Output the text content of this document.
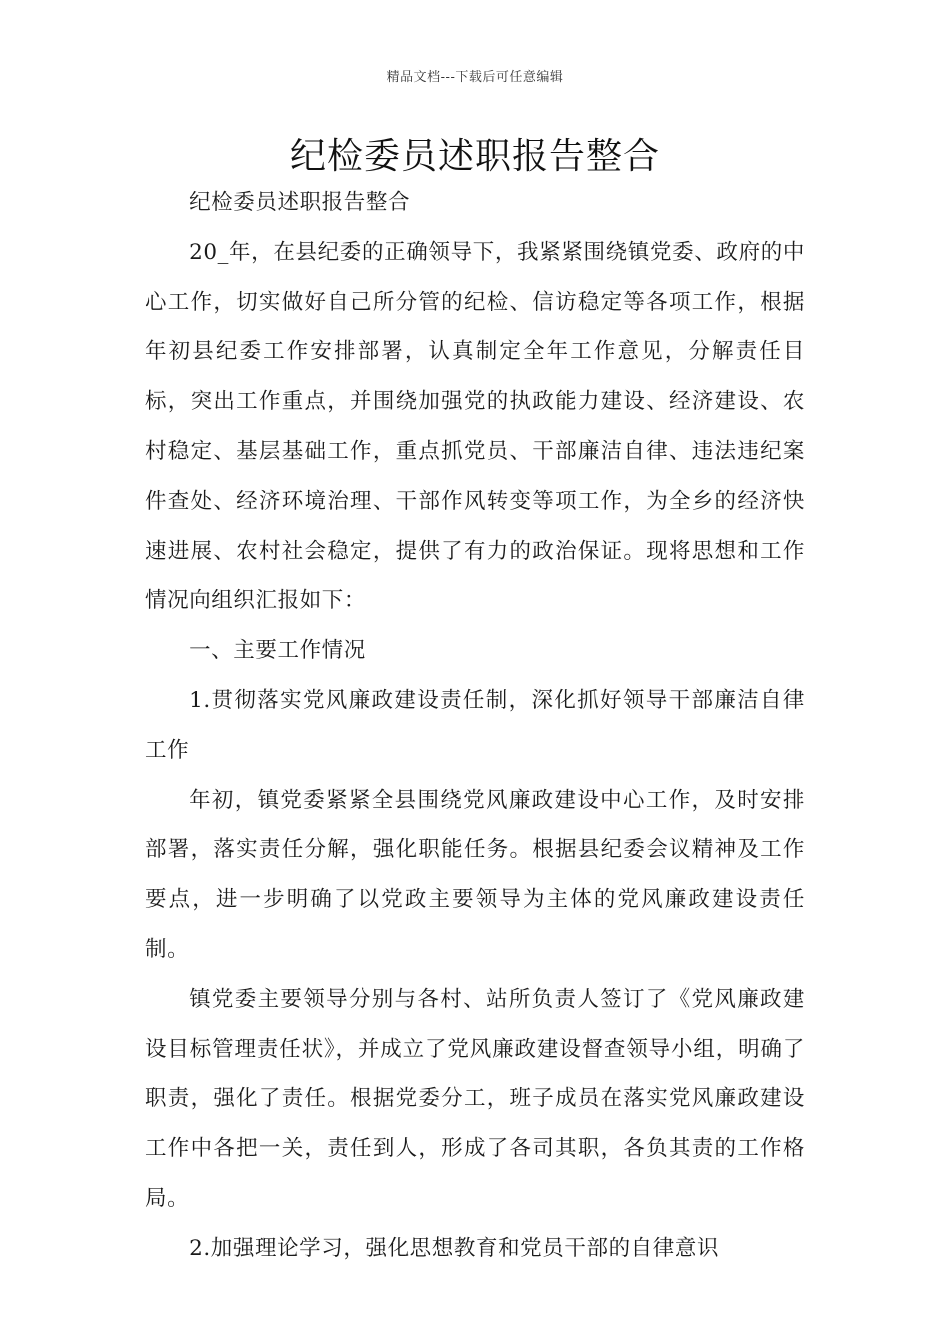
精品文档---下载后可任意编辑
纪检委员述职报告整合

纪检委员述职报告整合

20_年，在县纪委的正确领导下，我紧紧围绕镇党委、政府的中心工作，切实做好自己所分管的纪检、信访稳定等各项工作，根据年初县纪委工作安排部署，认真制定全年工作意见，分解责任目标，突出工作重点，并围绕加强党的执政能力建设、经济建设、农村稳定、基层基础工作，重点抓党员、干部廉洁自律、违法违纪案件查处、经济环境治理、干部作风转变等项工作，为全乡的经济快速进展、农村社会稳定，提供了有力的政治保证。现将思想和工作情况向组织汇报如下：

一、主要工作情况

1.贯彻落实党风廉政建设责任制，深化抓好领导干部廉洁自律工作

年初，镇党委紧紧全县围绕党风廉政建设中心工作，及时安排部署，落实责任分解，强化职能任务。根据县纪委会议精神及工作要点，进一步明确了以党政主要领导为主体的党风廉政建设责任制。

镇党委主要领导分别与各村、站所负责人签订了《党风廉政建设目标管理责任状》，并成立了党风廉政建设督查领导小组，明确了职责，强化了责任。根据党委分工，班子成员在落实党风廉政建设工作中各把一关，责任到人，形成了各司其职，各负其责的工作格局。

2.加强理论学习，强化思想教育和党员干部的自律意识
